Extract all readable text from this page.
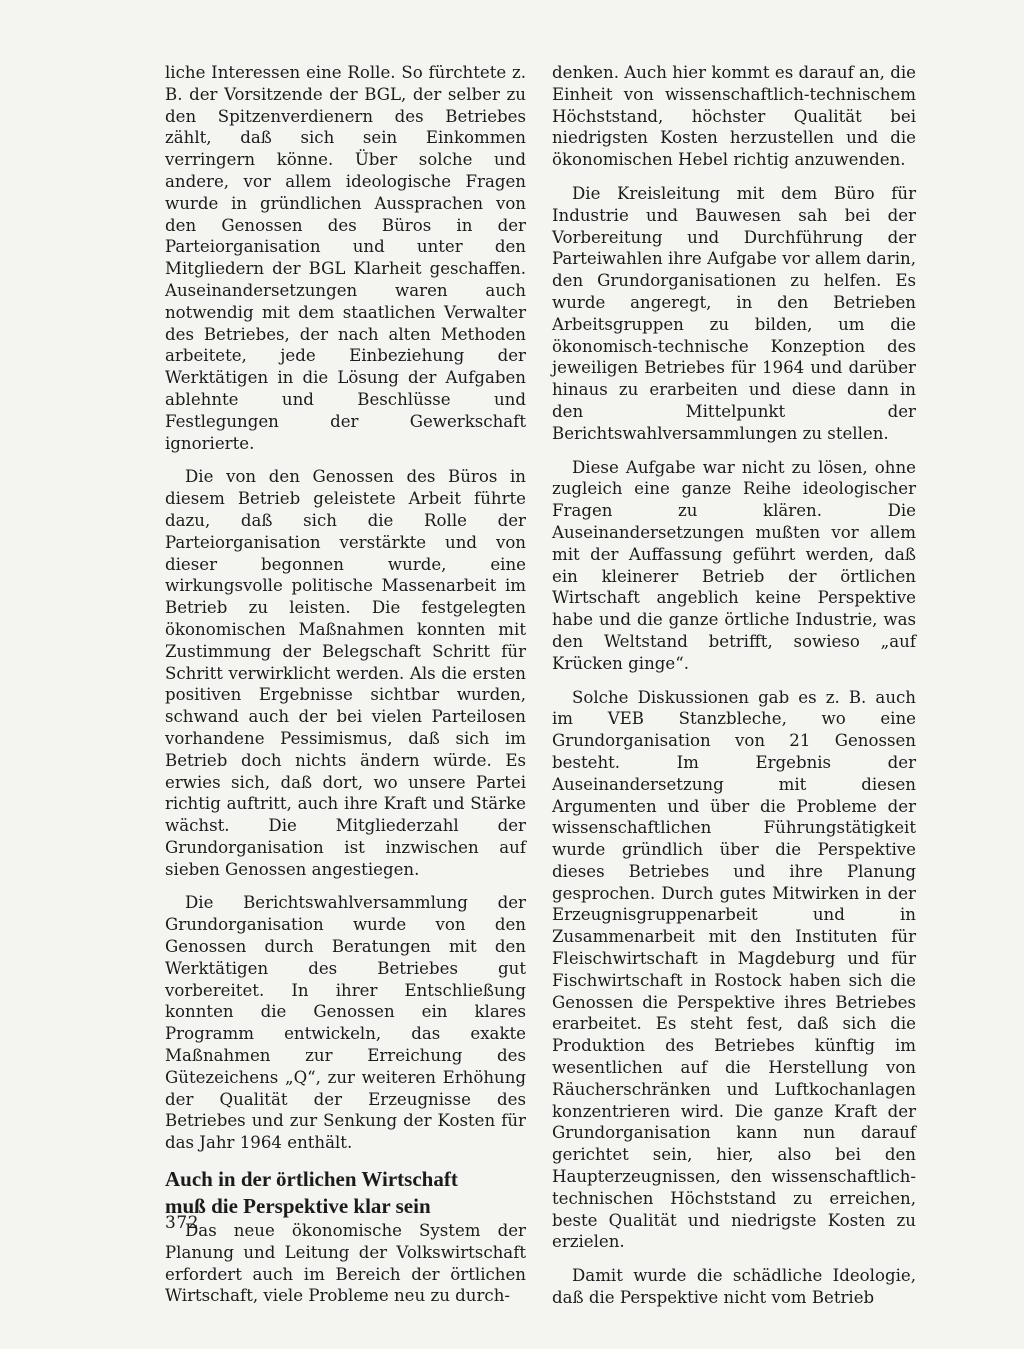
liche Interessen eine Rolle. So fürchtete z. B. der Vorsitzende der BGL, der selber zu den Spitzenverdienern des Betriebes zählt, daß sich sein Einkommen verringern könne. Über solche und andere, vor allem ideologische Fragen wurde in gründlichen Aussprachen von den Genossen des Büros in der Parteiorganisation und unter den Mitgliedern der BGL Klarheit geschaffen. Auseinandersetzungen waren auch notwendig mit dem staatlichen Verwalter des Betriebes, der nach alten Methoden arbeitete, jede Einbeziehung der Werktätigen in die Lösung der Aufgaben ablehnte und Beschlüsse und Festlegungen der Gewerkschaft ignorierte.

Die von den Genossen des Büros in diesem Betrieb geleistete Arbeit führte dazu, daß sich die Rolle der Parteiorganisation verstärkte und von dieser begonnen wurde, eine wirkungsvolle politische Massenarbeit im Betrieb zu leisten. Die festgelegten ökonomischen Maßnahmen konnten mit Zustimmung der Belegschaft Schritt für Schritt verwirklicht werden. Als die ersten positiven Ergebnisse sichtbar wurden, schwand auch der bei vielen Parteilosen vorhandene Pessimismus, daß sich im Betrieb doch nichts ändern würde. Es erwies sich, daß dort, wo unsere Partei richtig auftritt, auch ihre Kraft und Stärke wächst. Die Mitgliederzahl der Grundorganisation ist inzwischen auf sieben Genossen angestiegen.

Die Berichtswahlversammlung der Grundorganisation wurde von den Genossen durch Beratungen mit den Werktätigen des Betriebes gut vorbereitet. In ihrer Entschließung konnten die Genossen ein klares Programm entwickeln, das exakte Maßnahmen zur Erreichung des Gütezeichens „Q“, zur weiteren Erhöhung der Qualität der Erzeugnisse des Betriebes und zur Senkung der Kosten für das Jahr 1964 enthält.

Auch in der örtlichen Wirtschaft
muß die Perspektive klar sein

Das neue ökonomische System der Planung und Leitung der Volkswirtschaft erfordert auch im Bereich der örtlichen Wirtschaft, viele Probleme neu zu durch-

denken. Auch hier kommt es darauf an, die Einheit von wissenschaftlich-technischem Höchststand, höchster Qualität bei niedrigsten Kosten herzustellen und die ökonomischen Hebel richtig anzuwenden.

Die Kreisleitung mit dem Büro für Industrie und Bauwesen sah bei der Vorbereitung und Durchführung der Parteiwahlen ihre Aufgabe vor allem darin, den Grundorganisationen zu helfen. Es wurde angeregt, in den Betrieben Arbeitsgruppen zu bilden, um die ökonomisch-technische Konzeption des jeweiligen Betriebes für 1964 und darüber hinaus zu erarbeiten und diese dann in den Mittelpunkt der Berichtswahlversammlungen zu stellen.

Diese Aufgabe war nicht zu lösen, ohne zugleich eine ganze Reihe ideologischer Fragen zu klären. Die Auseinandersetzungen mußten vor allem mit der Auffassung geführt werden, daß ein kleinerer Betrieb der örtlichen Wirtschaft angeblich keine Perspektive habe und die ganze örtliche Industrie, was den Weltstand betrifft, sowieso „auf Krücken ginge“.

Solche Diskussionen gab es z. B. auch im VEB Stanzbleche, wo eine Grundorganisation von 21 Genossen besteht. Im Ergebnis der Auseinandersetzung mit diesen Argumenten und über die Probleme der wissenschaftlichen Führungstätigkeit wurde gründlich über die Perspektive dieses Betriebes und ihre Planung gesprochen. Durch gutes Mitwirken in der Erzeugnisgruppenarbeit und in Zusammenarbeit mit den Instituten für Fleischwirtschaft in Magdeburg und für Fischwirtschaft in Rostock haben sich die Genossen die Perspektive ihres Betriebes erarbeitet. Es steht fest, daß sich die Produktion des Betriebes künftig im wesentlichen auf die Herstellung von Räucherschränken und Luftkochanlagen konzentrieren wird. Die ganze Kraft der Grundorganisation kann nun darauf gerichtet sein, hier, also bei den Haupterzeugnissen, den wissenschaftlich-technischen Höchststand zu erreichen, beste Qualität und niedrigste Kosten zu erzielen.

Damit wurde die schädliche Ideologie, daß die Perspektive nicht vom Betrieb

372
